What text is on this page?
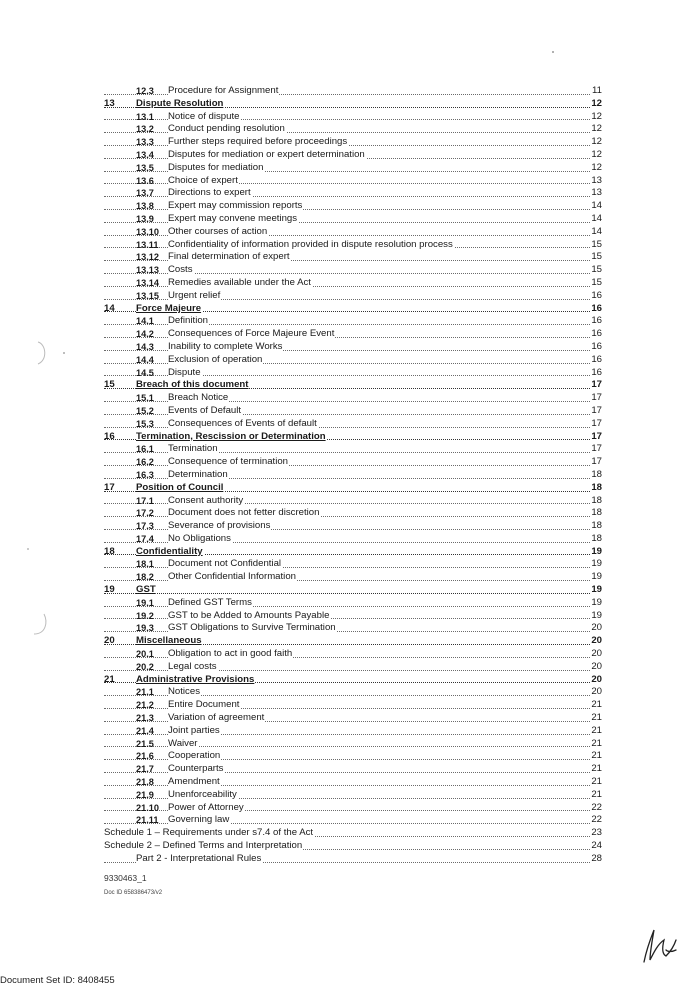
12.3 Procedure for Assignment	11
13 Dispute Resolution	12
13.1 Notice of dispute	12
13.2 Conduct pending resolution	12
13.3 Further steps required before proceedings	12
13.4 Disputes for mediation or expert determination	12
13.5 Disputes for mediation	12
13.6 Choice of expert	13
13.7 Directions to expert	13
13.8 Expert may commission reports	14
13.9 Expert may convene meetings	14
13.10 Other courses of action	14
13.11 Confidentiality of information provided in dispute resolution process	15
13.12 Final determination of expert	15
13.13 Costs	15
13.14 Remedies available under the Act	15
13.15 Urgent relief	16
14 Force Majeure	16
14.1 Definition	16
14.2 Consequences of Force Majeure Event	16
14.3 Inability to complete Works	16
14.4 Exclusion of operation	16
14.5 Dispute	16
15 Breach of this document	17
15.1 Breach Notice	17
15.2 Events of Default	17
15.3 Consequences of Events of default	17
16 Termination, Rescission or Determination	17
16.1 Termination	17
16.2 Consequence of termination	17
16.3 Determination	18
17 Position of Council	18
17.1 Consent authority	18
17.2 Document does not fetter discretion	18
17.3 Severance of provisions	18
17.4 No Obligations	18
18 Confidentiality	19
18.1 Document not Confidential	19
18.2 Other Confidential Information	19
19 GST	19
19.1 Defined GST Terms	19
19.2 GST to be Added to Amounts Payable	19
19.3 GST Obligations to Survive Termination	20
20 Miscellaneous	20
20.1 Obligation to act in good faith	20
20.2 Legal costs	20
21 Administrative Provisions	20
21.1 Notices	20
21.2 Entire Document	21
21.3 Variation of agreement	21
21.4 Joint parties	21
21.5 Waiver	21
21.6 Cooperation	21
21.7 Counterparts	21
21.8 Amendment	21
21.9 Unenforceability	21
21.10 Power of Attorney	22
21.11 Governing law	22
Schedule 1 – Requirements under s7.4 of the Act	23
Schedule 2 – Defined Terms and Interpretation	24
Part 2 - Interpretational Rules	28
9330463_1
Doc ID 658386473/v2
Document Set ID: 8408455
